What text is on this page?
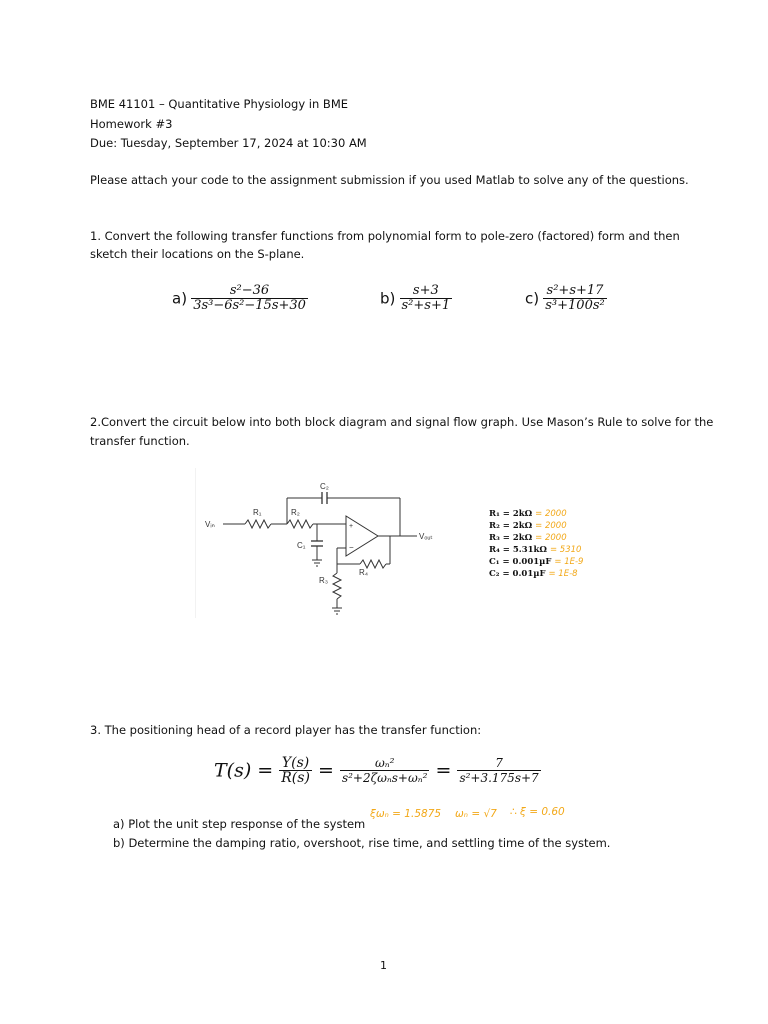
BME 41101 – Quantitative Physiology in BME
Homework #3
Due: Tuesday, September 17, 2024 at 10:30 AM
Please attach your code to the assignment submission if you used Matlab to solve any of the questions.
1. Convert the following transfer functions from polynomial form to pole-zero (factored) form and then
sketch their locations on the S-plane.
$a) \frac{\text{s²−36}}{\text{3s³−6s²−15s+30}}$	$b) \frac{s+3}{\text{s²+s+1}}$	$c) \frac{\text{s²+s+17}}{\text{s³+100s²}}$
2.Convert the circuit below into both block diagram and signal flow graph. Use Mason’s Rule to solve for the
transfer function.
+
−
Vᵢₙ
Vₒᵤₜ
R₁	R₂
C₂
C₁
R₃
R₄
R₁ = 2kΩ = 2000
R₂ = 2kΩ = 2000
R₃ = 2kΩ = 2000
R₄ = 5.31kΩ = 5310
C₁ = 0.001µF = 1E-9
C₂ = 0.01µF = 1E-8
3. The positioning head of a record player has the transfer function:
$T(s) = \frac{Y(s)}{R(s)} = \frac{\text{ωₙ²}}{\text{s²+2ζωₙs+ωₙ²}} = \frac{7}{\text{s²+3.175s+7}}$
ξωₙ = 1.5875 ωₙ = √7 ∴ ξ = 0.60
a) Plot the unit step response of the system
b) Determine the damping ratio, overshoot, rise time, and settling time of the system.
1
